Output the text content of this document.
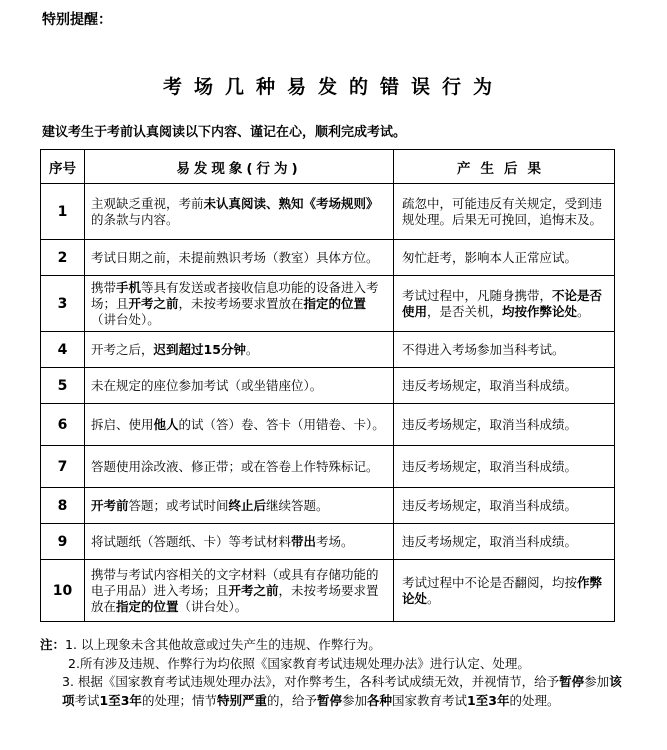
特别提醒：
考场几种易发的错误行为
建议考生于考前认真阅读以下内容、谨记在心，顺利完成考试。
序号	易发现象(行为)	产生后果
1	主观缺乏重视，考前未认真阅读、熟知《考场规则》的条款与内容。	疏忽中，可能违反有关规定，受到违规处理。后果无可挽回，追悔末及。
2	考试日期之前，未提前熟识考场（教室）具体方位。	匆忙赶考，影响本人正常应试。
3	携带手机等具有发送或者接收信息功能的设备进入考场；且开考之前，未按考场要求置放在指定的位置（讲台处）。	考试过程中，凡随身携带，不论是否使用，是否关机，均按作弊论处。
4	开考之后，迟到超过15分钟。	不得进入考场参加当科考试。
5	未在规定的座位参加考试（或坐错座位）。	违反考场规定，取消当科成绩。
6	拆启、使用他人的试（答）卷、答卡（用错卷、卡）。	违反考场规定，取消当科成绩。
7	答题使用涂改液、修正带；或在答卷上作特殊标记。	违反考场规定，取消当科成绩。
8	开考前答题；或考试时间终止后继续答题。	违反考场规定，取消当科成绩。
9	将试题纸（答题纸、卡）等考试材料带出考场。	违反考场规定，取消当科成绩。
10	携带与考试内容相关的文字材料（或具有存储功能的电子用品）进入考场；且开考之前，未按考场要求置放在指定的位置（讲台处）。	考试过程中不论是否翻阅，均按作弊论处。
注：1. 以上现象未含其他故意或过失产生的违规、作弊行为。
2.所有涉及违规、作弊行为均依照《国家教育考试违规处理办法》进行认定、处理。
3. 根据《国家教育考试违规处理办法》，对作弊考生，各科考试成绩无效，并视情节，给予暂停参加该项考试1至3年的处理；情节特别严重的，给予暂停参加各种国家教育考试1至3年的处理。
